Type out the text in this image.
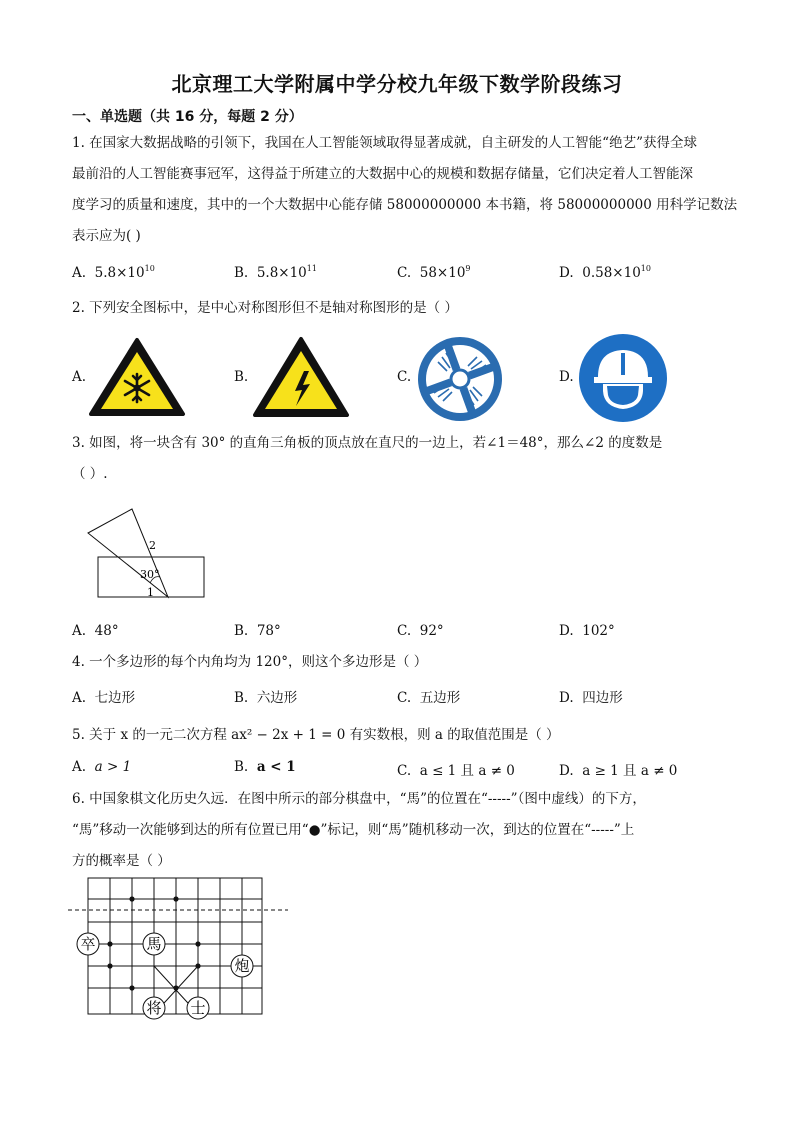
北京理工大学附属中学分校九年级下数学阶段练习
一、单选题（共 16 分，每题 2 分）
1. 在国家大数据战略的引领下，我国在人工智能领域取得显著成就，自主研发的人工智能“绝艺”获得全球
最前沿的人工智能赛事冠军，这得益于所建立的大数据中心的规模和数据存储量，它们决定着人工智能深
度学习的质量和速度，其中的一个大数据中心能存储 58000000000 本书籍，将 58000000000 用科学记数法
表示应为( )
A. $5.8\times 10^{10}$	B. $5.8\times 10^{11}$	C. $58\times 10^9$	D. $0.58\times 10^{10}$
2. 下列安全图标中，是中心对称图形但不是轴对称图形的是（ ）
A.	B.	C.	D.
3. 如图，将一块含有 30° 的直角三角板的顶点放在直尺的一边上，若∠1＝48°，那么∠2 的度数是
（ ）.
2
30°
1
A. 48°	B. 78°	C. 92°	D. 102°
4. 一个多边形的每个内角均为 120°，则这个多边形是（ ）
A. 七边形	B. 六边形	C. 五边形	D. 四边形
5. 关于 x 的一元二次方程 ax² − 2x + 1 = 0 有实数根，则 a 的取值范围是（ ）
A. a > 1	B. a < 1	C. a ≤ 1 且 a ≠ 0	D. a ≥ 1 且 a ≠ 0
6. 中国象棋文化历史久远．在图中所示的部分棋盘中，“馬”的位置在“-----”（图中虚线）的下方，
“馬”移动一次能够到达的所有位置已用“●”标记，则“馬”随机移动一次，到达的位置在“-----”上
方的概率是（ ）
卒	馬
炮
将 士
